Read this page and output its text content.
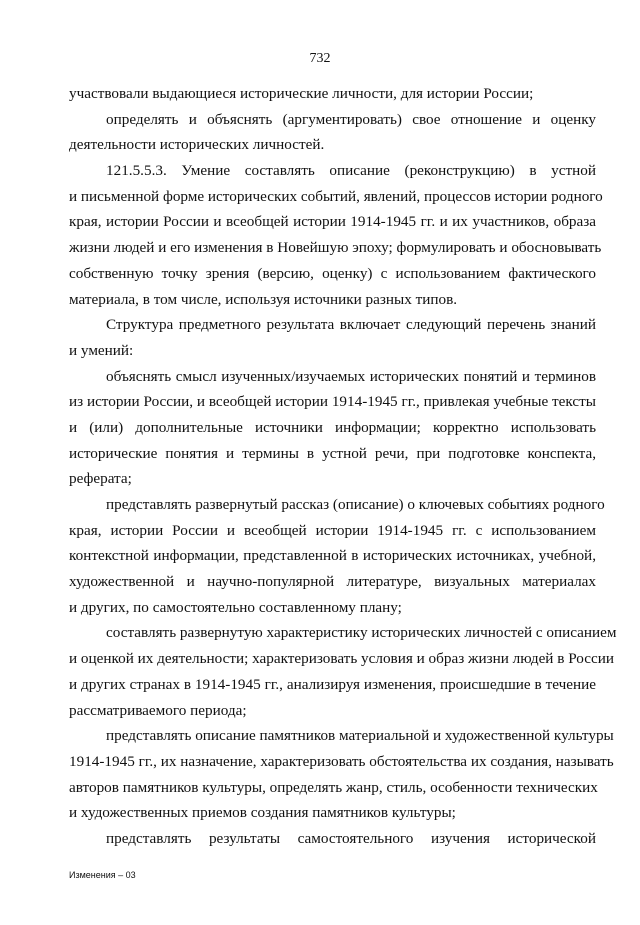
732
участвовали выдающиеся исторические личности, для истории России;
определять и объяснять (аргументировать) свое отношение и оценку
деятельности исторических личностей.
121.5.5.3. Умение составлять описание (реконструкцию) в устной
и письменной форме исторических событий, явлений, процессов истории родного
края, истории России и всеобщей истории 1914-1945 гг. и их участников, образа
жизни людей и его изменения в Новейшую эпоху; формулировать и обосновывать
собственную точку зрения (версию, оценку) с использованием фактического
материала, в том числе, используя источники разных типов.
Структура предметного результата включает следующий перечень знаний
и умений:
объяснять смысл изученных/изучаемых исторических понятий и терминов
из истории России, и всеобщей истории 1914-1945 гг., привлекая учебные тексты
и (или) дополнительные источники информации; корректно использовать
исторические понятия и термины в устной речи, при подготовке конспекта,
реферата;
представлять развернутый рассказ (описание) о ключевых событиях родного
края, истории России и всеобщей истории 1914-1945 гг. с использованием
контекстной информации, представленной в исторических источниках, учебной,
художественной и научно-популярной литературе, визуальных материалах
и других, по самостоятельно составленному плану;
составлять развернутую характеристику исторических личностей с описанием
и оценкой их деятельности; характеризовать условия и образ жизни людей в России
и других странах в 1914-1945 гг., анализируя изменения, происшедшие в течение
рассматриваемого периода;
представлять описание памятников материальной и художественной культуры
1914-1945 гг., их назначение, характеризовать обстоятельства их создания, называть
авторов памятников культуры, определять жанр, стиль, особенности технических
и художественных приемов создания памятников культуры;
представлять результаты самостоятельного изучения исторической
Изменения – 03
